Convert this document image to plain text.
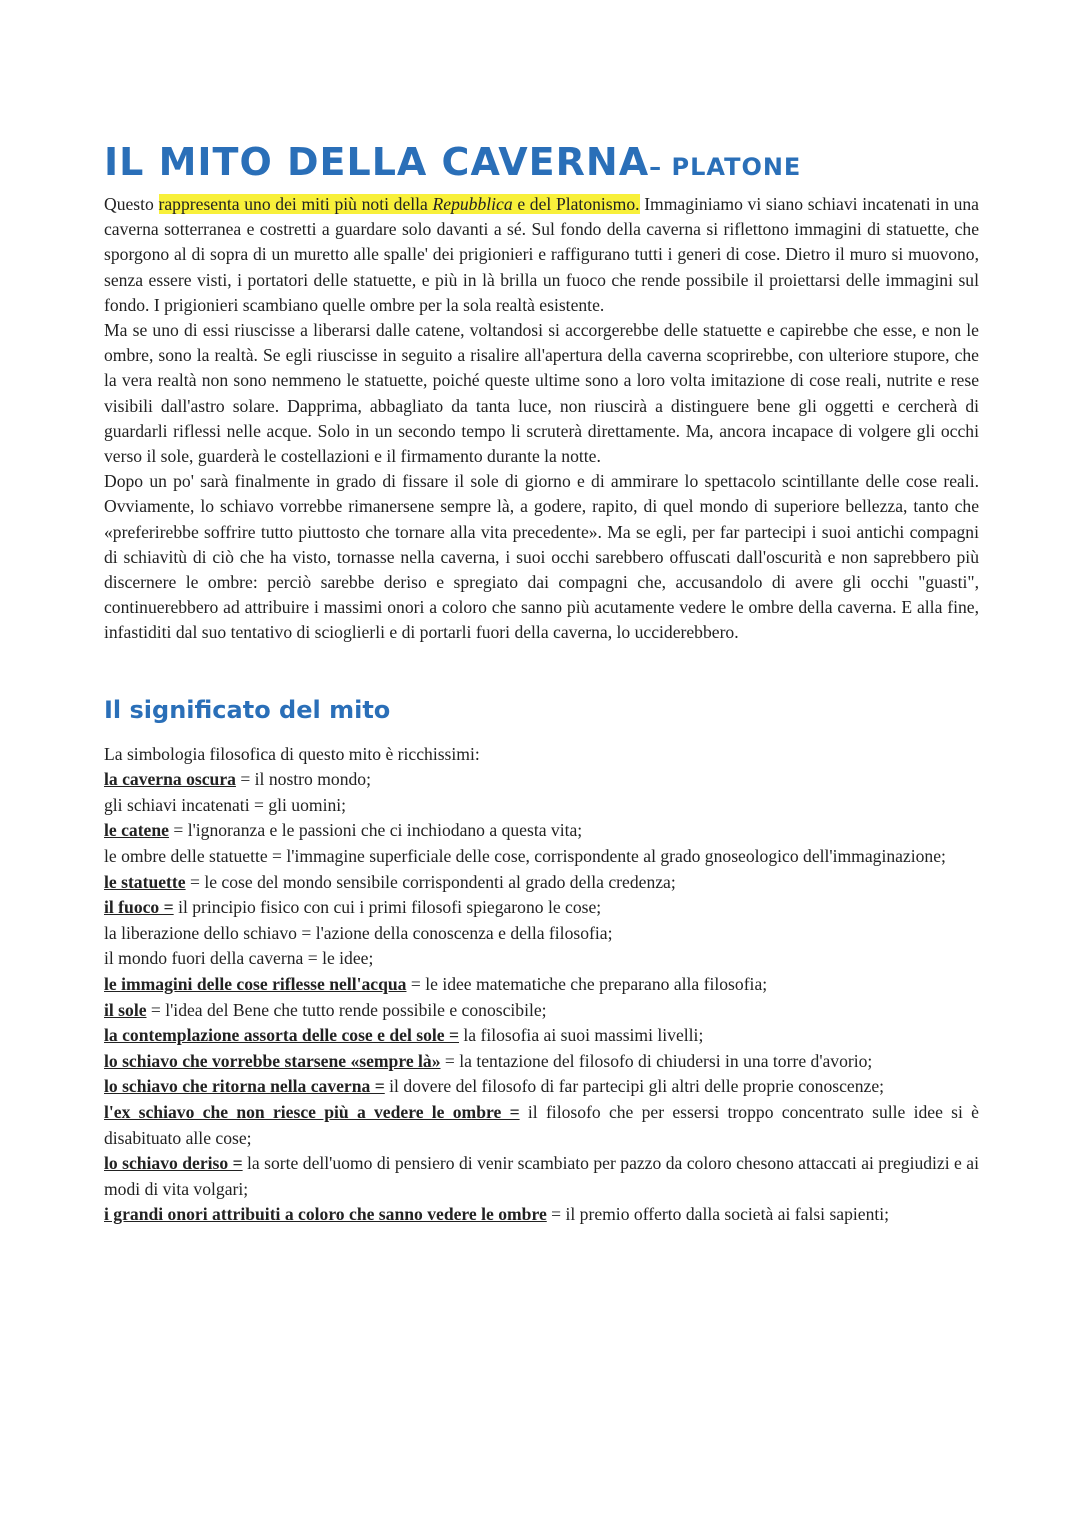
IL MITO DELLA CAVERNA– PLATONE

Questo rappresenta uno dei miti più noti della Repubblica e del Platonismo. Immaginiamo vi siano schiavi incatenati in una caverna sotterranea e costretti a guardare solo davanti a sé. Sul fondo della caverna si riflettono immagini di statuette, che sporgono al di sopra di un muretto alle spalle' dei prigionieri e raffigurano tutti i generi di cose. Dietro il muro si muovono, senza essere visti, i portatori delle statuette, e più in là brilla un fuoco che rende possibile il proiettarsi delle immagini sul fondo. I prigionieri scambiano quelle ombre per la sola realtà esistente.

Ma se uno di essi riuscisse a liberarsi dalle catene, voltandosi si accorgerebbe delle statuette e capirebbe che esse, e non le ombre, sono la realtà. Se egli riuscisse in seguito a risalire all'apertura della caverna scoprirebbe, con ulteriore stupore, che la vera realtà non sono nemmeno le statuette, poiché queste ultime sono a loro volta imitazione di cose reali, nutrite e rese visibili dall'astro solare. Dapprima, abbagliato da tanta luce, non riuscirà a distinguere bene gli oggetti e cercherà di guardarli riflessi nelle acque. Solo in un secondo tempo li scruterà direttamente. Ma, ancora incapace di volgere gli occhi verso il sole, guarderà le costellazioni e il firmamento durante la notte.

Dopo un po' sarà finalmente in grado di fissare il sole di giorno e di ammirare lo spettacolo scintillante delle cose reali. Ovviamente, lo schiavo vorrebbe rimanersene sempre là, a godere, rapito, di quel mondo di superiore bellezza, tanto che «preferirebbe soffrire tutto piuttosto che tornare alla vita precedente». Ma se egli, per far partecipi i suoi antichi compagni di schiavitù di ciò che ha visto, tornasse nella caverna, i suoi occhi sarebbero offuscati dall'oscurità e non saprebbero più discernere le ombre: perciò sarebbe deriso e spregiato dai compagni che, accusandolo di avere gli occhi "guasti", continuerebbero ad attribuire i massimi onori a coloro che sanno più acutamente vedere le ombre della caverna. E alla fine, infastiditi dal suo tentativo di scioglierli e di portarli fuori della caverna, lo ucciderebbero.

Il significato del mito

La simbologia filosofica di questo mito è ricchissimi:

la caverna oscura = il nostro mondo;

gli schiavi incatenati = gli uomini;

le catene = l'ignoranza e le passioni che ci inchiodano a questa vita;

le ombre delle statuette = l'immagine superficiale delle cose, corrispondente al grado gnoseologico dell'immaginazione;

le statuette = le cose del mondo sensibile corrispondenti al grado della credenza;

il fuoco = il principio fisico con cui i primi filosofi spiegarono le cose;

la liberazione dello schiavo = l'azione della conoscenza e della filosofia;

il mondo fuori della caverna = le idee;

le immagini delle cose riflesse nell'acqua = le idee matematiche che preparano alla filosofia;

il sole = l'idea del Bene che tutto rende possibile e conoscibile;

la contemplazione assorta delle cose e del sole = la filosofia ai suoi massimi livelli;

lo schiavo che vorrebbe starsene «sempre là» = la tentazione del filosofo di chiudersi in una torre d'avorio;

lo schiavo che ritorna nella caverna = il dovere del filosofo di far partecipi gli altri delle proprie conoscenze;

l'ex schiavo che non riesce più a vedere le ombre = il filosofo che per essersi troppo concentrato sulle idee si è disabituato alle cose;

lo schiavo deriso = la sorte dell'uomo di pensiero di venir scambiato per pazzo da coloro chesono attaccati ai pregiudizi e ai modi di vita volgari;

i grandi onori attribuiti a coloro che sanno vedere le ombre = il premio offerto dalla società ai falsi sapienti;
